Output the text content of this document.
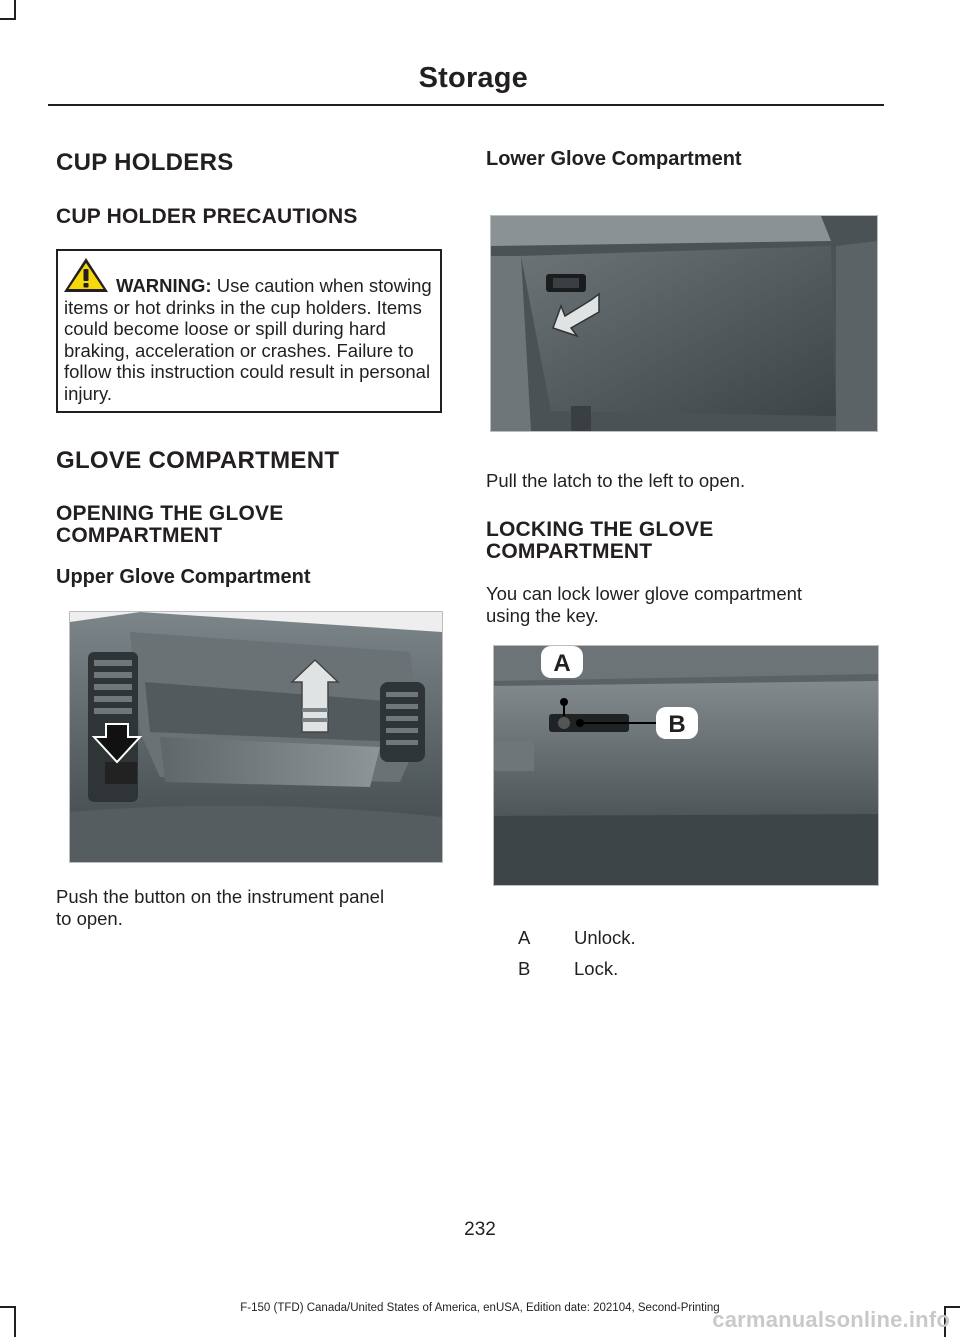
Storage
CUP HOLDERS
CUP HOLDER PRECAUTIONS
WARNING: Use caution when stowing items or hot drinks in the cup holders. Items could become loose or spill during hard braking, acceleration or crashes. Failure to follow this instruction could result in personal injury.
GLOVE COMPARTMENT
OPENING THE GLOVE
COMPARTMENT
Upper Glove Compartment
Push the button on the instrument panel
to open.
Lower Glove Compartment
Pull the latch to the left to open.
LOCKING THE GLOVE
COMPARTMENT
You can lock lower glove compartment
using the key.
A
B
A Unlock.
B Lock.
232
F-150 (TFD) Canada/United States of America, enUSA, Edition date: 202104, Second-Printing
carmanualsonline.info
